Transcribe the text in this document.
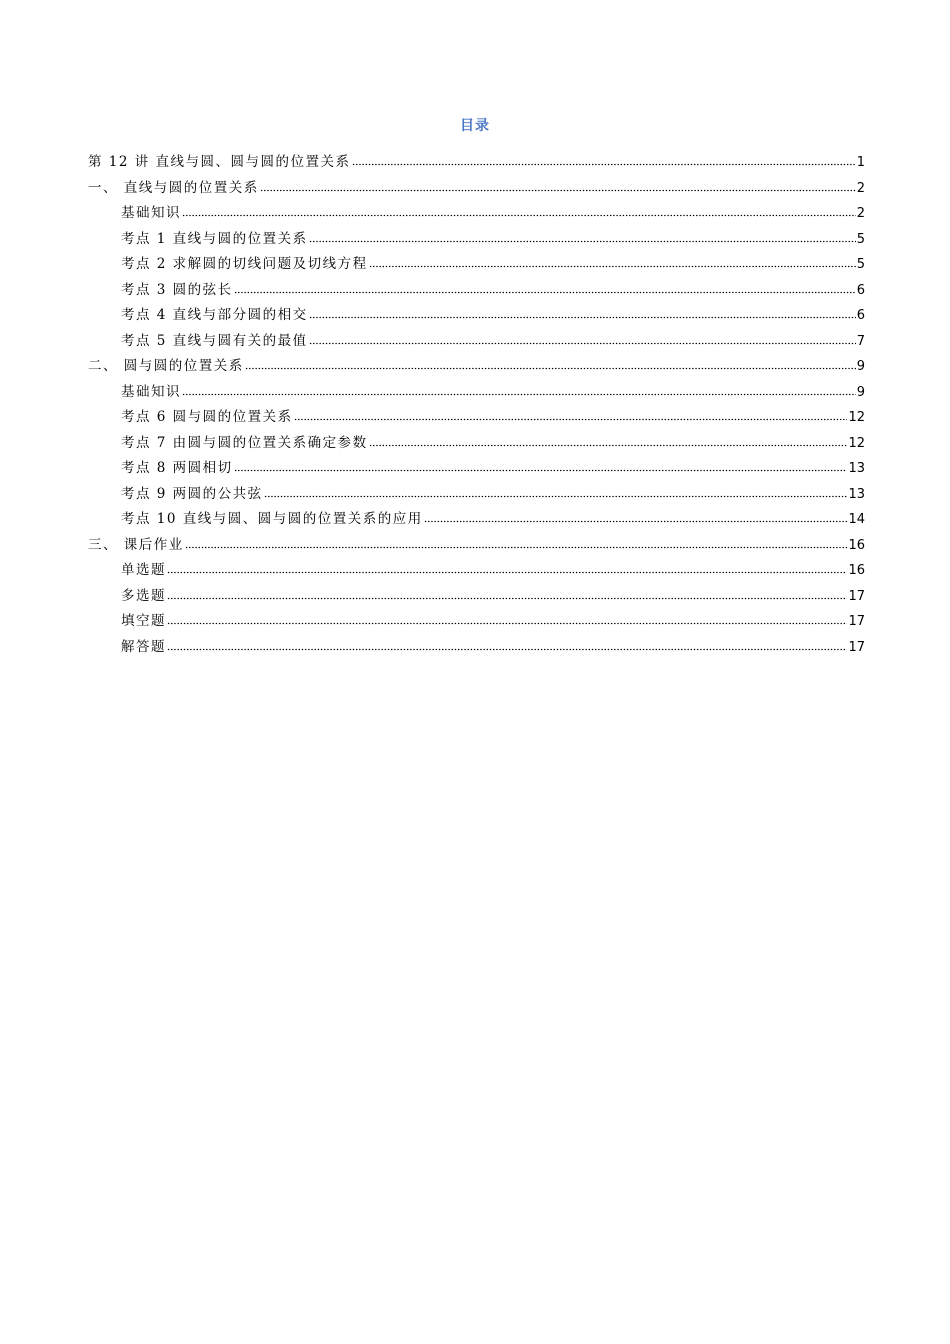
目录
第 12 讲 直线与圆、圆与圆的位置关系	1
一、 直线与圆的位置关系	2
基础知识	2
考点 1 直线与圆的位置关系	5
考点 2 求解圆的切线问题及切线方程	5
考点 3 圆的弦长	6
考点 4 直线与部分圆的相交	6
考点 5 直线与圆有关的最值	7
二、 圆与圆的位置关系	9
基础知识	9
考点 6 圆与圆的位置关系	12
考点 7 由圆与圆的位置关系确定参数	12
考点 8 两圆相切	13
考点 9 两圆的公共弦	13
考点 10 直线与圆、圆与圆的位置关系的应用	14
三、 课后作业	16
单选题	16
多选题	17
填空题	17
解答题	17
